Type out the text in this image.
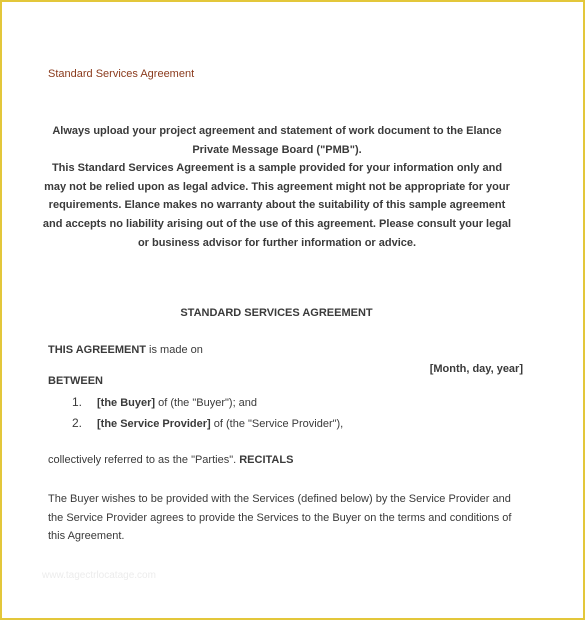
Standard Services Agreement

Always upload your project agreement and statement of work document to the Elance Private Message Board ("PMB").

This Standard Services Agreement is a sample provided for your information only and may not be relied upon as legal advice. This agreement might not be appropriate for your requirements. Elance makes no warranty about the suitability of this sample agreement and accepts no liability arising out of the use of this agreement. Please consult your legal or business advisor for further information or advice.

STANDARD SERVICES AGREEMENT
THIS AGREEMENT is made on
[Month, day, year]
BETWEEN
1. [the Buyer] of (the "Buyer"); and
2. [the Service Provider] of (the "Service Provider"),
collectively referred to as the "Parties". RECITALS

The Buyer wishes to be provided with the Services (defined below) by the Service Provider and the Service Provider agrees to provide the Services to the Buyer on the terms and conditions of this Agreement.

www.tagectrlocatage.com
